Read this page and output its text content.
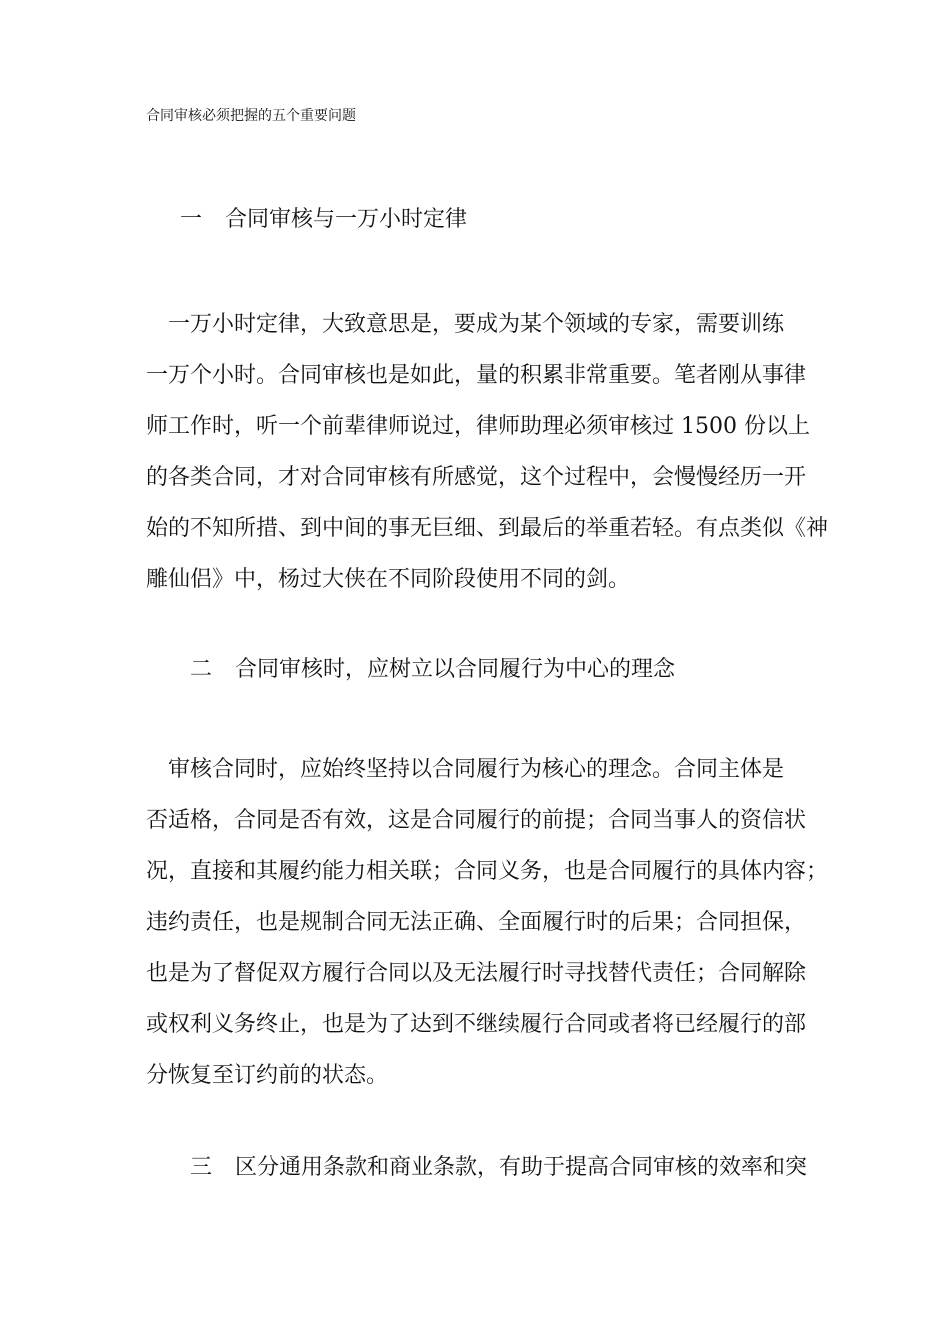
合同审核必须把握的五个重要问题
一 合同审核与一万小时定律
　一万小时定律，大致意思是，要成为某个领域的专家，需要训练
一万个小时。合同审核也是如此，量的积累非常重要。笔者刚从事律
师工作时，听一个前辈律师说过，律师助理必须审核过 1500 份以上
的各类合同，才对合同审核有所感觉，这个过程中，会慢慢经历一开
始的不知所措、到中间的事无巨细、到最后的举重若轻。有点类似《神
雕仙侣》中，杨过大侠在不同阶段使用不同的剑。
二 合同审核时，应树立以合同履行为中心的理念
　审核合同时，应始终坚持以合同履行为核心的理念。合同主体是
否适格，合同是否有效，这是合同履行的前提；合同当事人的资信状
况，直接和其履约能力相关联；合同义务，也是合同履行的具体内容；
违约责任，也是规制合同无法正确、全面履行时的后果；合同担保，
也是为了督促双方履行合同以及无法履行时寻找替代责任；合同解除
或权利义务终止，也是为了达到不继续履行合同或者将已经履行的部
分恢复至订约前的状态。
三 区分通用条款和商业条款，有助于提高合同审核的效率和突
